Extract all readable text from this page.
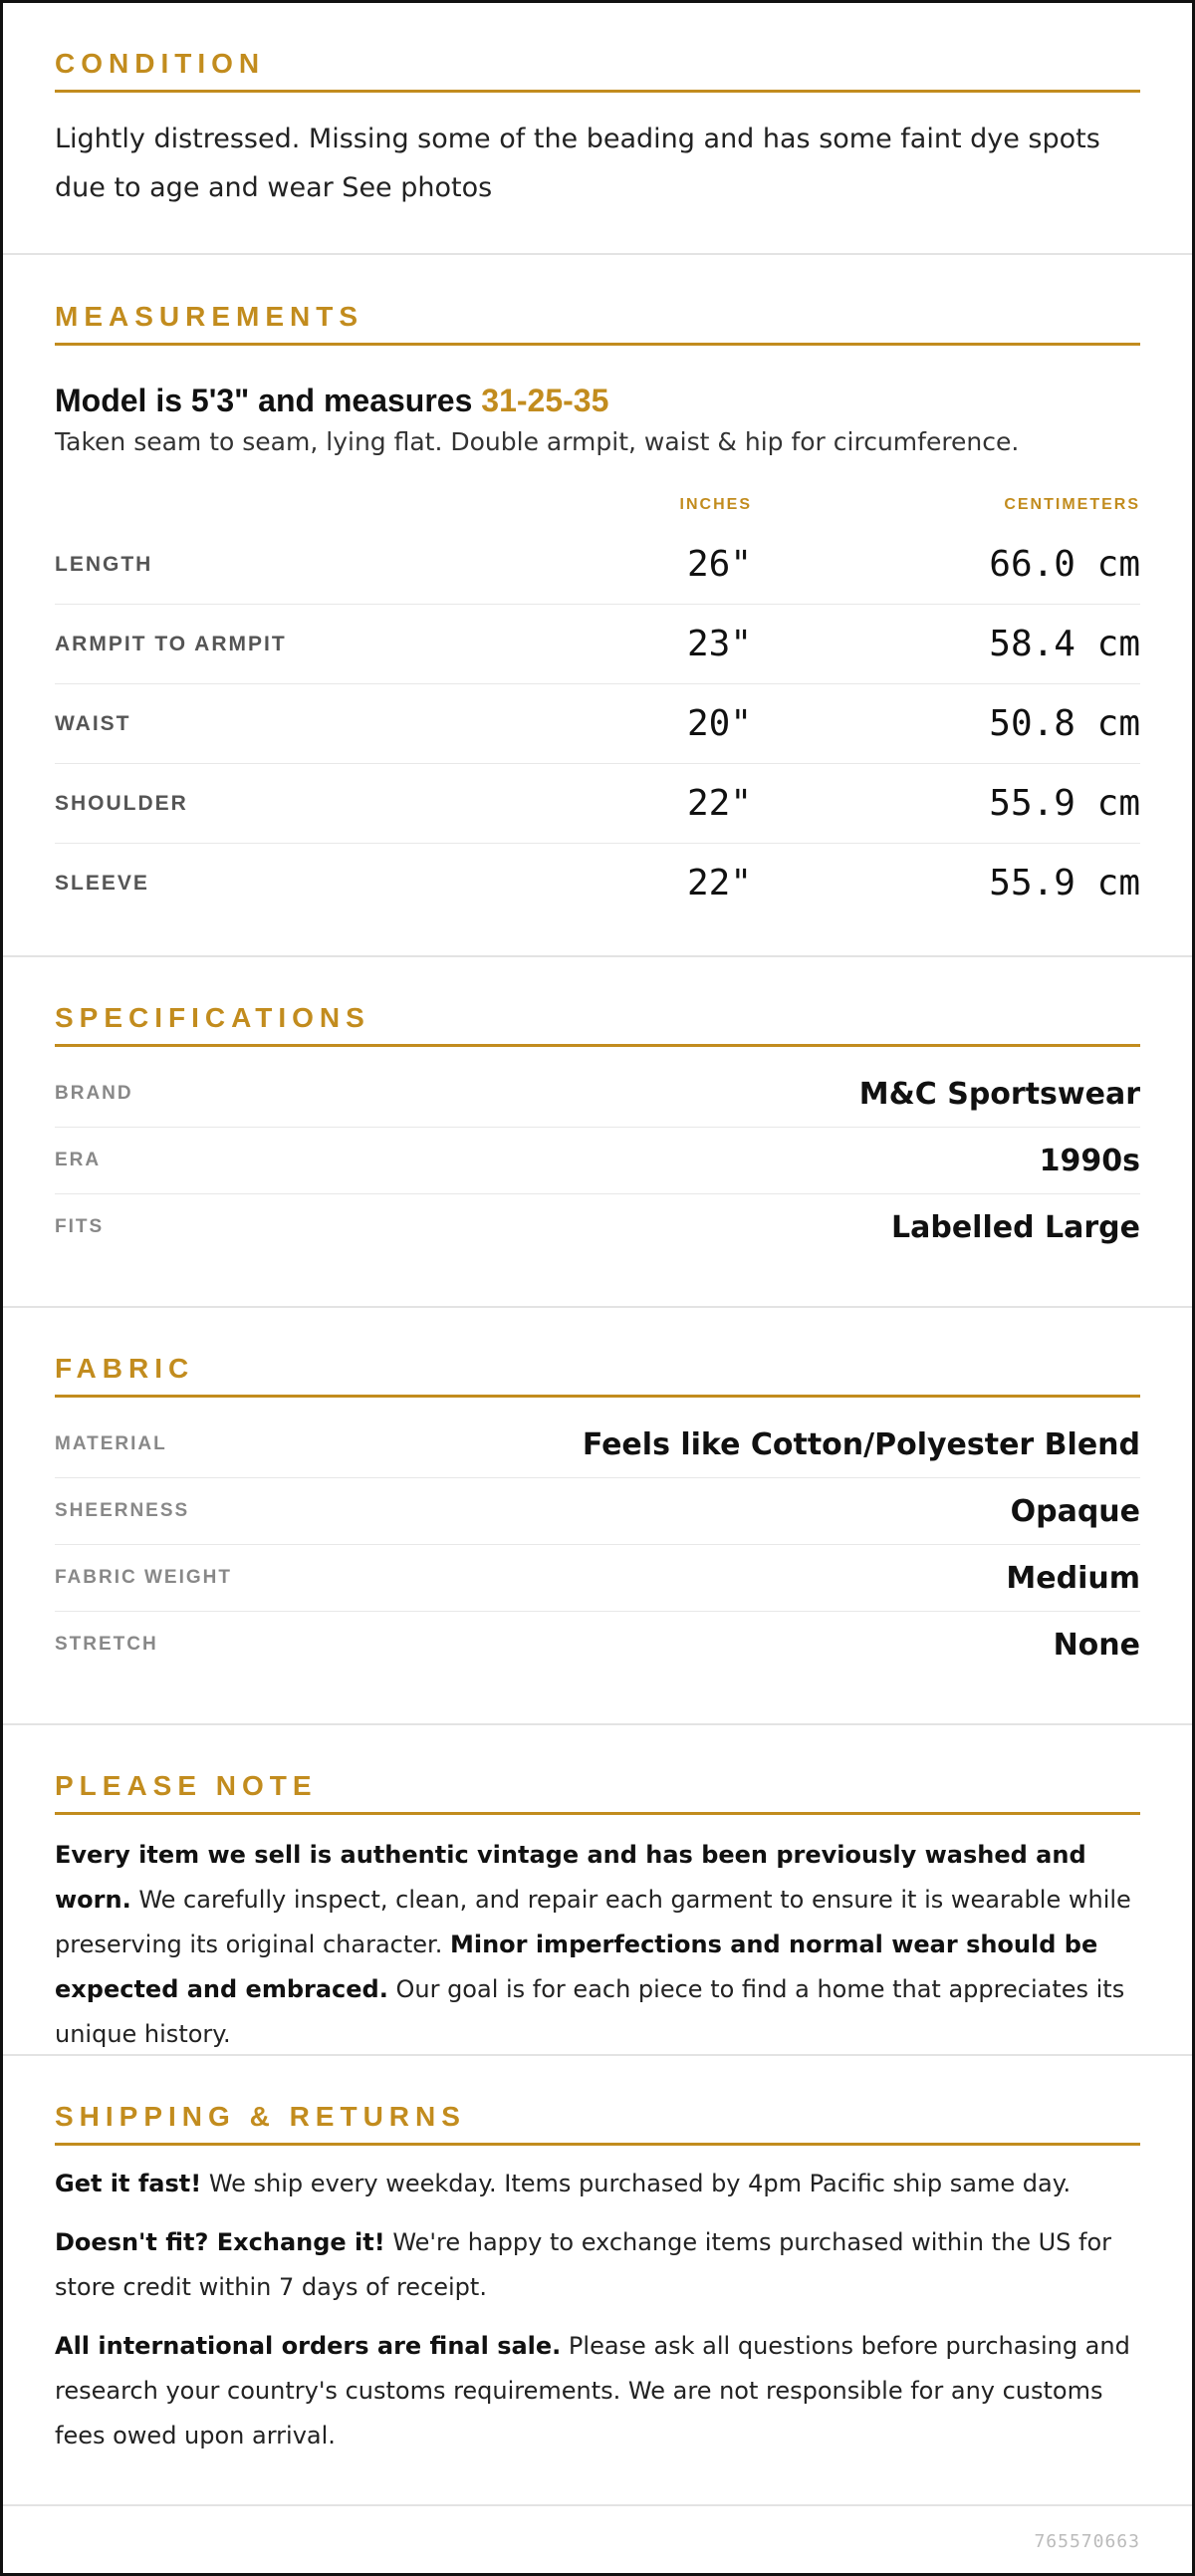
CONDITION

Lightly distressed. Missing some of the beading and has some faint dye spots due to age and wear See photos

MEASUREMENTS
Model is 5'3" and measures 31-25-35
Taken seam to seam, lying flat. Double armpit, waist & hip for circumference.
INCHES	CENTIMETERS
LENGTH	26"	66.0 cm
ARMPIT TO ARMPIT	23"	58.4 cm
WAIST	20"	50.8 cm
SHOULDER	22"	55.9 cm
SLEEVE	22"	55.9 cm
SPECIFICATIONS
BRAND	M&C Sportswear
ERA	1990s
FITS	Labelled Large
FABRIC
MATERIAL	Feels like Cotton/Polyester Blend
SHEERNESS	Opaque
FABRIC WEIGHT	Medium
STRETCH	None
PLEASE NOTE

Every item we sell is authentic vintage and has been previously washed and worn. We carefully inspect, clean, and repair each garment to ensure it is wearable while preserving its original character. Minor imperfections and normal wear should be expected and embraced. Our goal is for each piece to find a home that appreciates its unique history.

SHIPPING & RETURNS

Get it fast! We ship every weekday. Items purchased by 4pm Pacific ship same day.

Doesn't fit? Exchange it! We're happy to exchange items purchased within the US for store credit within 7 days of receipt.

All international orders are final sale. Please ask all questions before purchasing and research your country's customs requirements. We are not responsible for any customs fees owed upon arrival.

765570663
